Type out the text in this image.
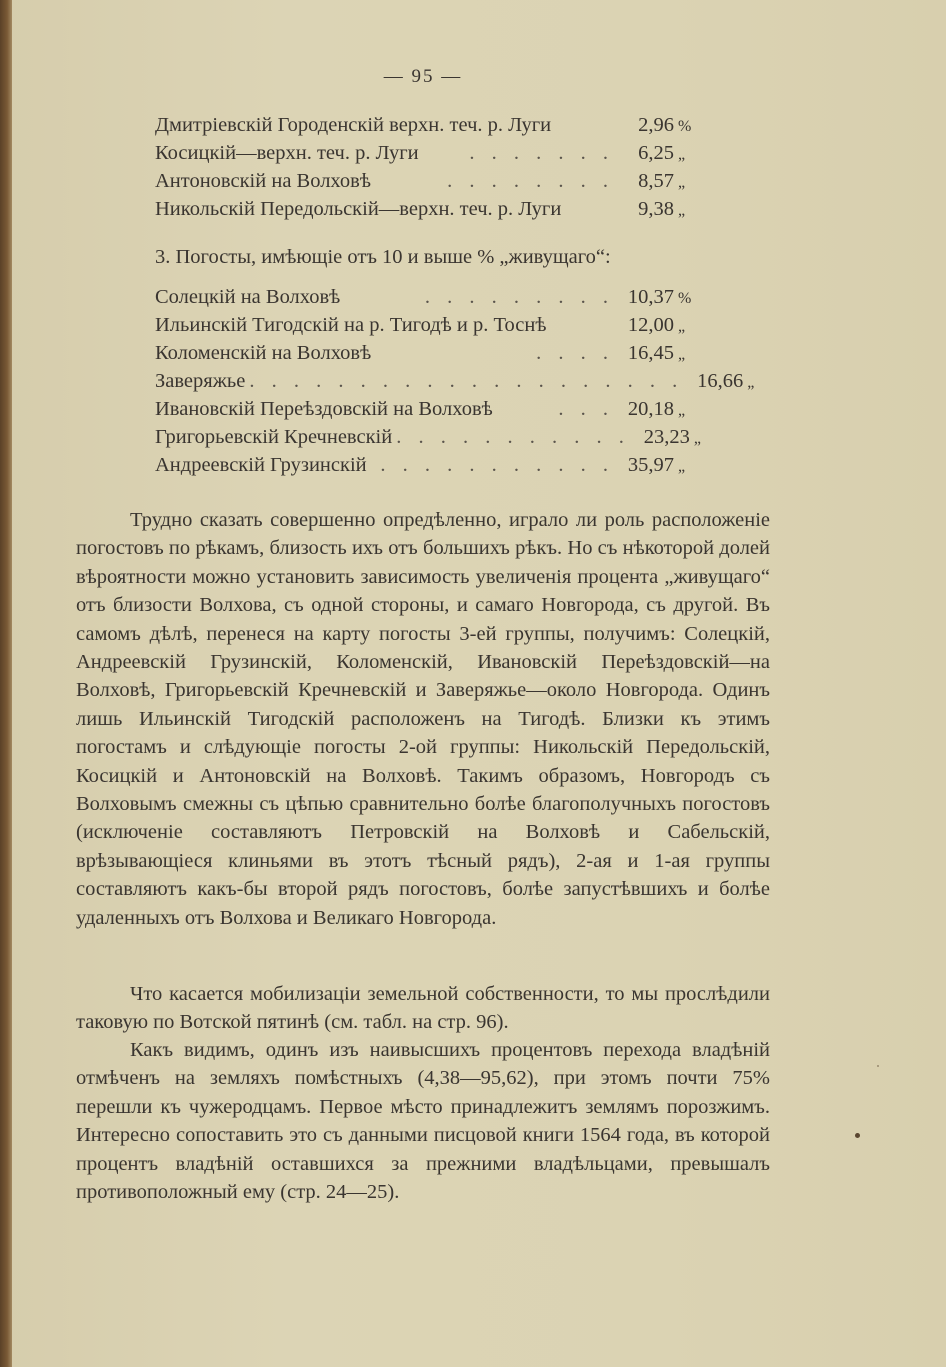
— 95 —
Дмитріевскій Городенскій верхн. теч. р. Луги	2,96 %
Косицкій—верхн. теч. р. Луги	. . . . . . .	6,25 „
Антоновскій на Волховѣ	. . . . . . . .	8,57 „
Никольскій Передольскій—верхн. теч. р. Луги	9,38 „
3. Погосты, имѣющіе отъ 10 и выше % „живущаго“:
Солецкій на Волховѣ	. . . . . . . . . 10,37 %
Ильинскій Тигодскій на р. Тигодѣ и р. Тоснѣ	12,00 „
Коломенскій на Волховѣ	. . . . 16,45 „
Заверяжье . . . . . . . . . . . . . . . . . . . . 16,66 „
Ивановскій Переѣздовскій на Волховѣ	. . . 20,18 „
Григорьевскій Кречневскій . . . . . . . . . . . 23,23 „
Андреевскій Грузинскій . . . . . . . . . . . 35,97 „

Трудно сказать совершенно опредѣленно, играло ли роль расположеніе погостовъ по рѣкамъ, близость ихъ отъ большихъ рѣкъ. Но съ нѣкоторой долей вѣроятности можно установить зависимость увеличенія процента „живущаго“ отъ близости Волхова, съ одной стороны, и самаго Новгорода, съ другой. Въ самомъ дѣлѣ, перенеся на карту погосты 3-ей группы, получимъ: Солецкій, Андреевскій Грузинскій, Коломенскій, Ивановскій Переѣздовскій—на Волховѣ, Григорьевскій Кречневскій и Заверяжье—около Новгорода. Одинъ лишь Ильинскій Тигодскій расположенъ на Тигодѣ. Близки къ этимъ погостамъ и слѣдующіе погосты 2-ой группы: Никольскій Передольскій, Косицкій и Антоновскій на Волховѣ. Такимъ образомъ, Новгородъ съ Волховымъ смежны съ цѣпью сравнительно болѣе благополучныхъ погостовъ (исключеніе составляютъ Петровскій на Волховѣ и Сабельскій, врѣзывающіеся клиньями въ этотъ тѣсный рядъ), 2-ая и 1-ая группы составляютъ какъ-бы второй рядъ погостовъ, болѣе запустѣвшихъ и болѣе удаленныхъ отъ Волхова и Великаго Новгорода.

Что касается мобилизаціи земельной собственности, то мы прослѣдили таковую по Вотской пятинѣ (см. табл. на стр. 96).

Какъ видимъ, одинъ изъ наивысшихъ процентовъ перехода владѣній отмѣченъ на земляхъ помѣстныхъ (4,38—95,62), при этомъ почти 75% перешли къ чужеродцамъ. Первое мѣсто принадлежитъ землямъ порозжимъ. Интересно сопоставить это съ данными писцовой книги 1564 года, въ которой процентъ владѣній оставшихся за прежними владѣльцами, превышалъ противоположный ему (стр. 24—25).
